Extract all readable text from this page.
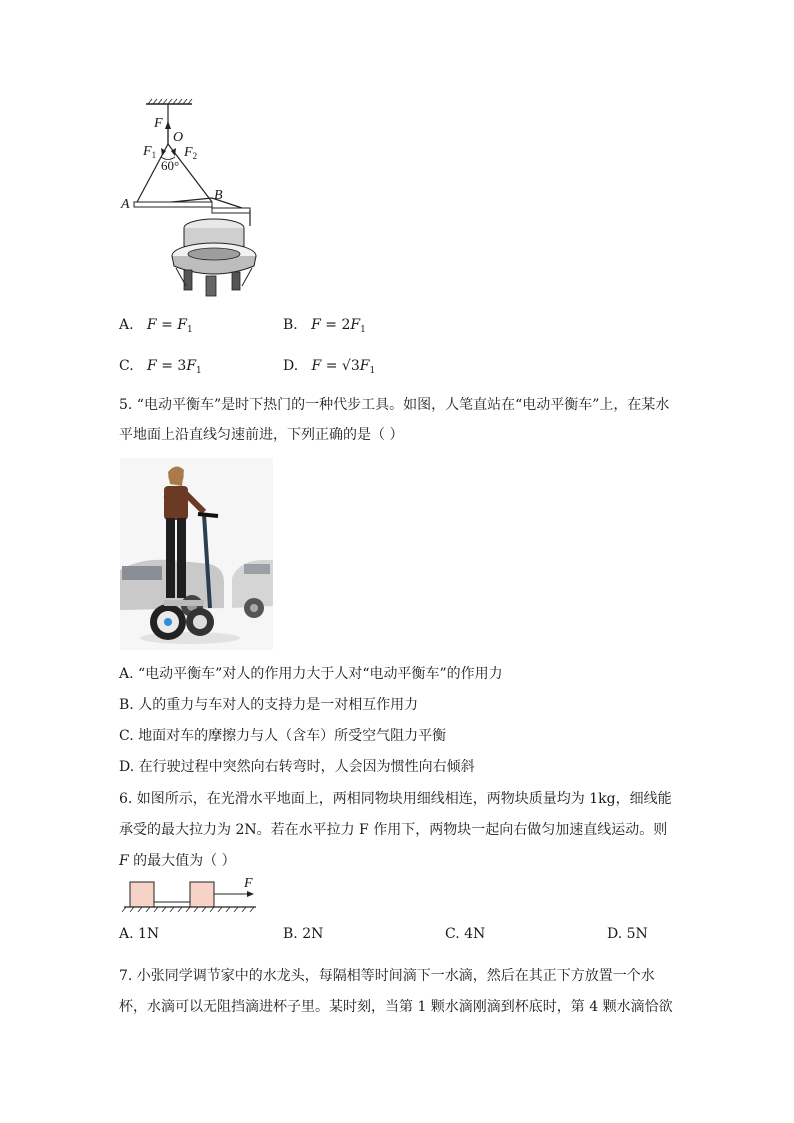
F
O
$F_1$ $F_2$
60°
A
B
A. $F = F_1$	B. $F = 2F_1$
C. $F = 3F_1$	D. $F = √3F_1$
5. “电动平衡车”是时下热门的一种代步工具。如图，人笔直站在“电动平衡车”上，在某水
平地面上沿直线匀速前进，下列正确的是（ ）
A. “电动平衡车”对人的作用力大于人对“电动平衡车”的作用力
B. 人的重力与车对人的支持力是一对相互作用力
C. 地面对车的摩擦力与人（含车）所受空气阻力平衡
D. 在行驶过程中突然向右转弯时，人会因为惯性向右倾斜
6. 如图所示，在光滑水平地面上，两相同物块用细线相连，两物块质量均为 1kg，细线能
承受的最大拉力为 2N。若在水平拉力 F 作用下，两物块一起向右做匀加速直线运动。则
F 的最大值为（ ）
F
A. 1N	B. 2N	C. 4N	D. 5N
7. 小张同学调节家中的水龙头，每隔相等时间滴下一水滴，然后在其正下方放置一个水
杯，水滴可以无阻挡滴进杯子里。某时刻，当第 1 颗水滴刚滴到杯底时，第 4 颗水滴恰欲
